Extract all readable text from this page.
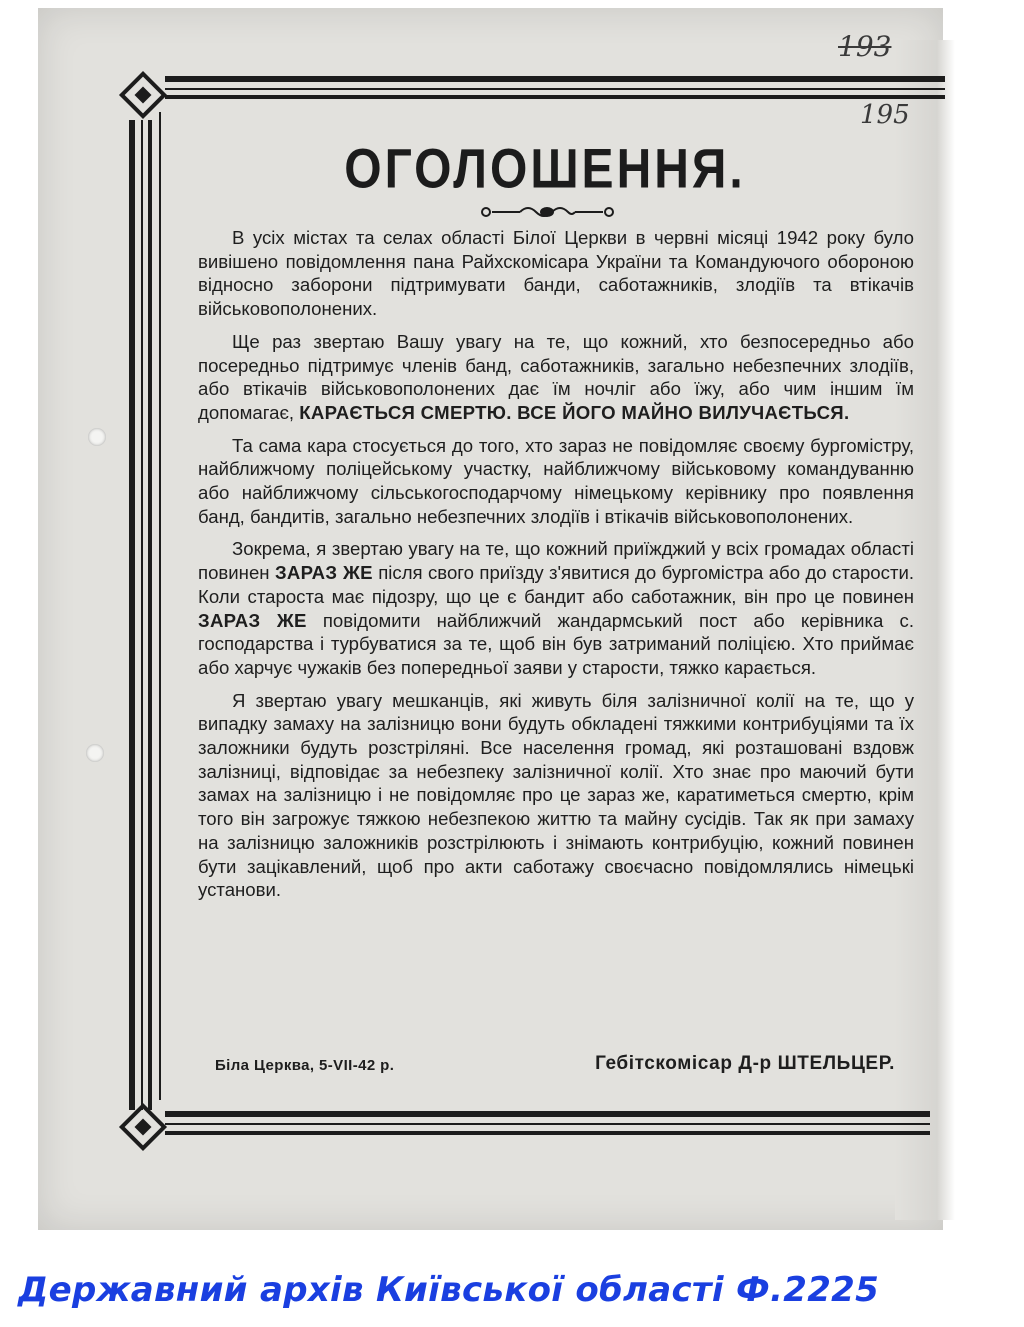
193
195
ОГОЛОШЕННЯ.

В усіх містах та селах області Білої Церкви в червні місяці 1942 року було вивішено повідомлення пана Райхскомісара України та Командуючого обороною відносно заборони підтримувати банди, саботажників, злодіїв та втікачів військовополонених.

Ще раз звертаю Вашу увагу на те, що кожний, хто безпосередньо або посередньо підтримує членів банд, саботажників, загально небезпечних злодіїв, або втікачів військовополонених дає їм ночліг або їжу, або чим іншим їм допомагає, КАРАЄТЬСЯ СМЕРТЮ. ВСЕ ЙОГО МАЙНО ВИЛУЧАЄТЬСЯ.

Та сама кара стосується до того, хто зараз не повідомляє своєму бургомістру, найближчому поліцейському участку, найближчому військовому командуванню або найближчому сільськогосподарчому німецькому керівнику про появлення банд, бандитів, загально небезпечних злодіїв і втікачів військовополонених.

Зокрема, я звертаю увагу на те, що кожний приїжджий у всіх громадах області повинен ЗАРАЗ ЖЕ після свого приїзду з'явитися до бургомістра або до старости. Коли староста має підозру, що це є бандит або саботажник, він про це повинен ЗАРАЗ ЖЕ повідомити найближчий жандармський пост або керівника с. господарства і турбуватися за те, щоб він був затриманий поліцією. Хто приймає або харчує чужаків без попередньої заяви у старости, тяжко карається.

Я звертаю увагу мешканців, які живуть біля залізничної колії на те, що у випадку замаху на залізницю вони будуть обкладені тяжкими контрибуціями та їх заложники будуть розстріляні. Все населення громад, які розташовані вздовж залізниці, відповідає за небезпеку залізничної колії. Хто знає про маючий бути замах на залізницю і не повідомляє про це зараз же, каратиметься смертю, крім того він загрожує тяжкою небезпекою життю та майну сусідів. Так як при замаху на залізницю заложників розстрілюють і знімають контрибуцію, кожний повинен бути зацікавлений, щоб про акти саботажу своєчасно повідомлялись німецькі установи.

Біла Церква, 5-VII-42 р.	Гебітскомісар Д-р ШТЕЛЬЦЕР.
Державний архів Київської області Ф.2225
